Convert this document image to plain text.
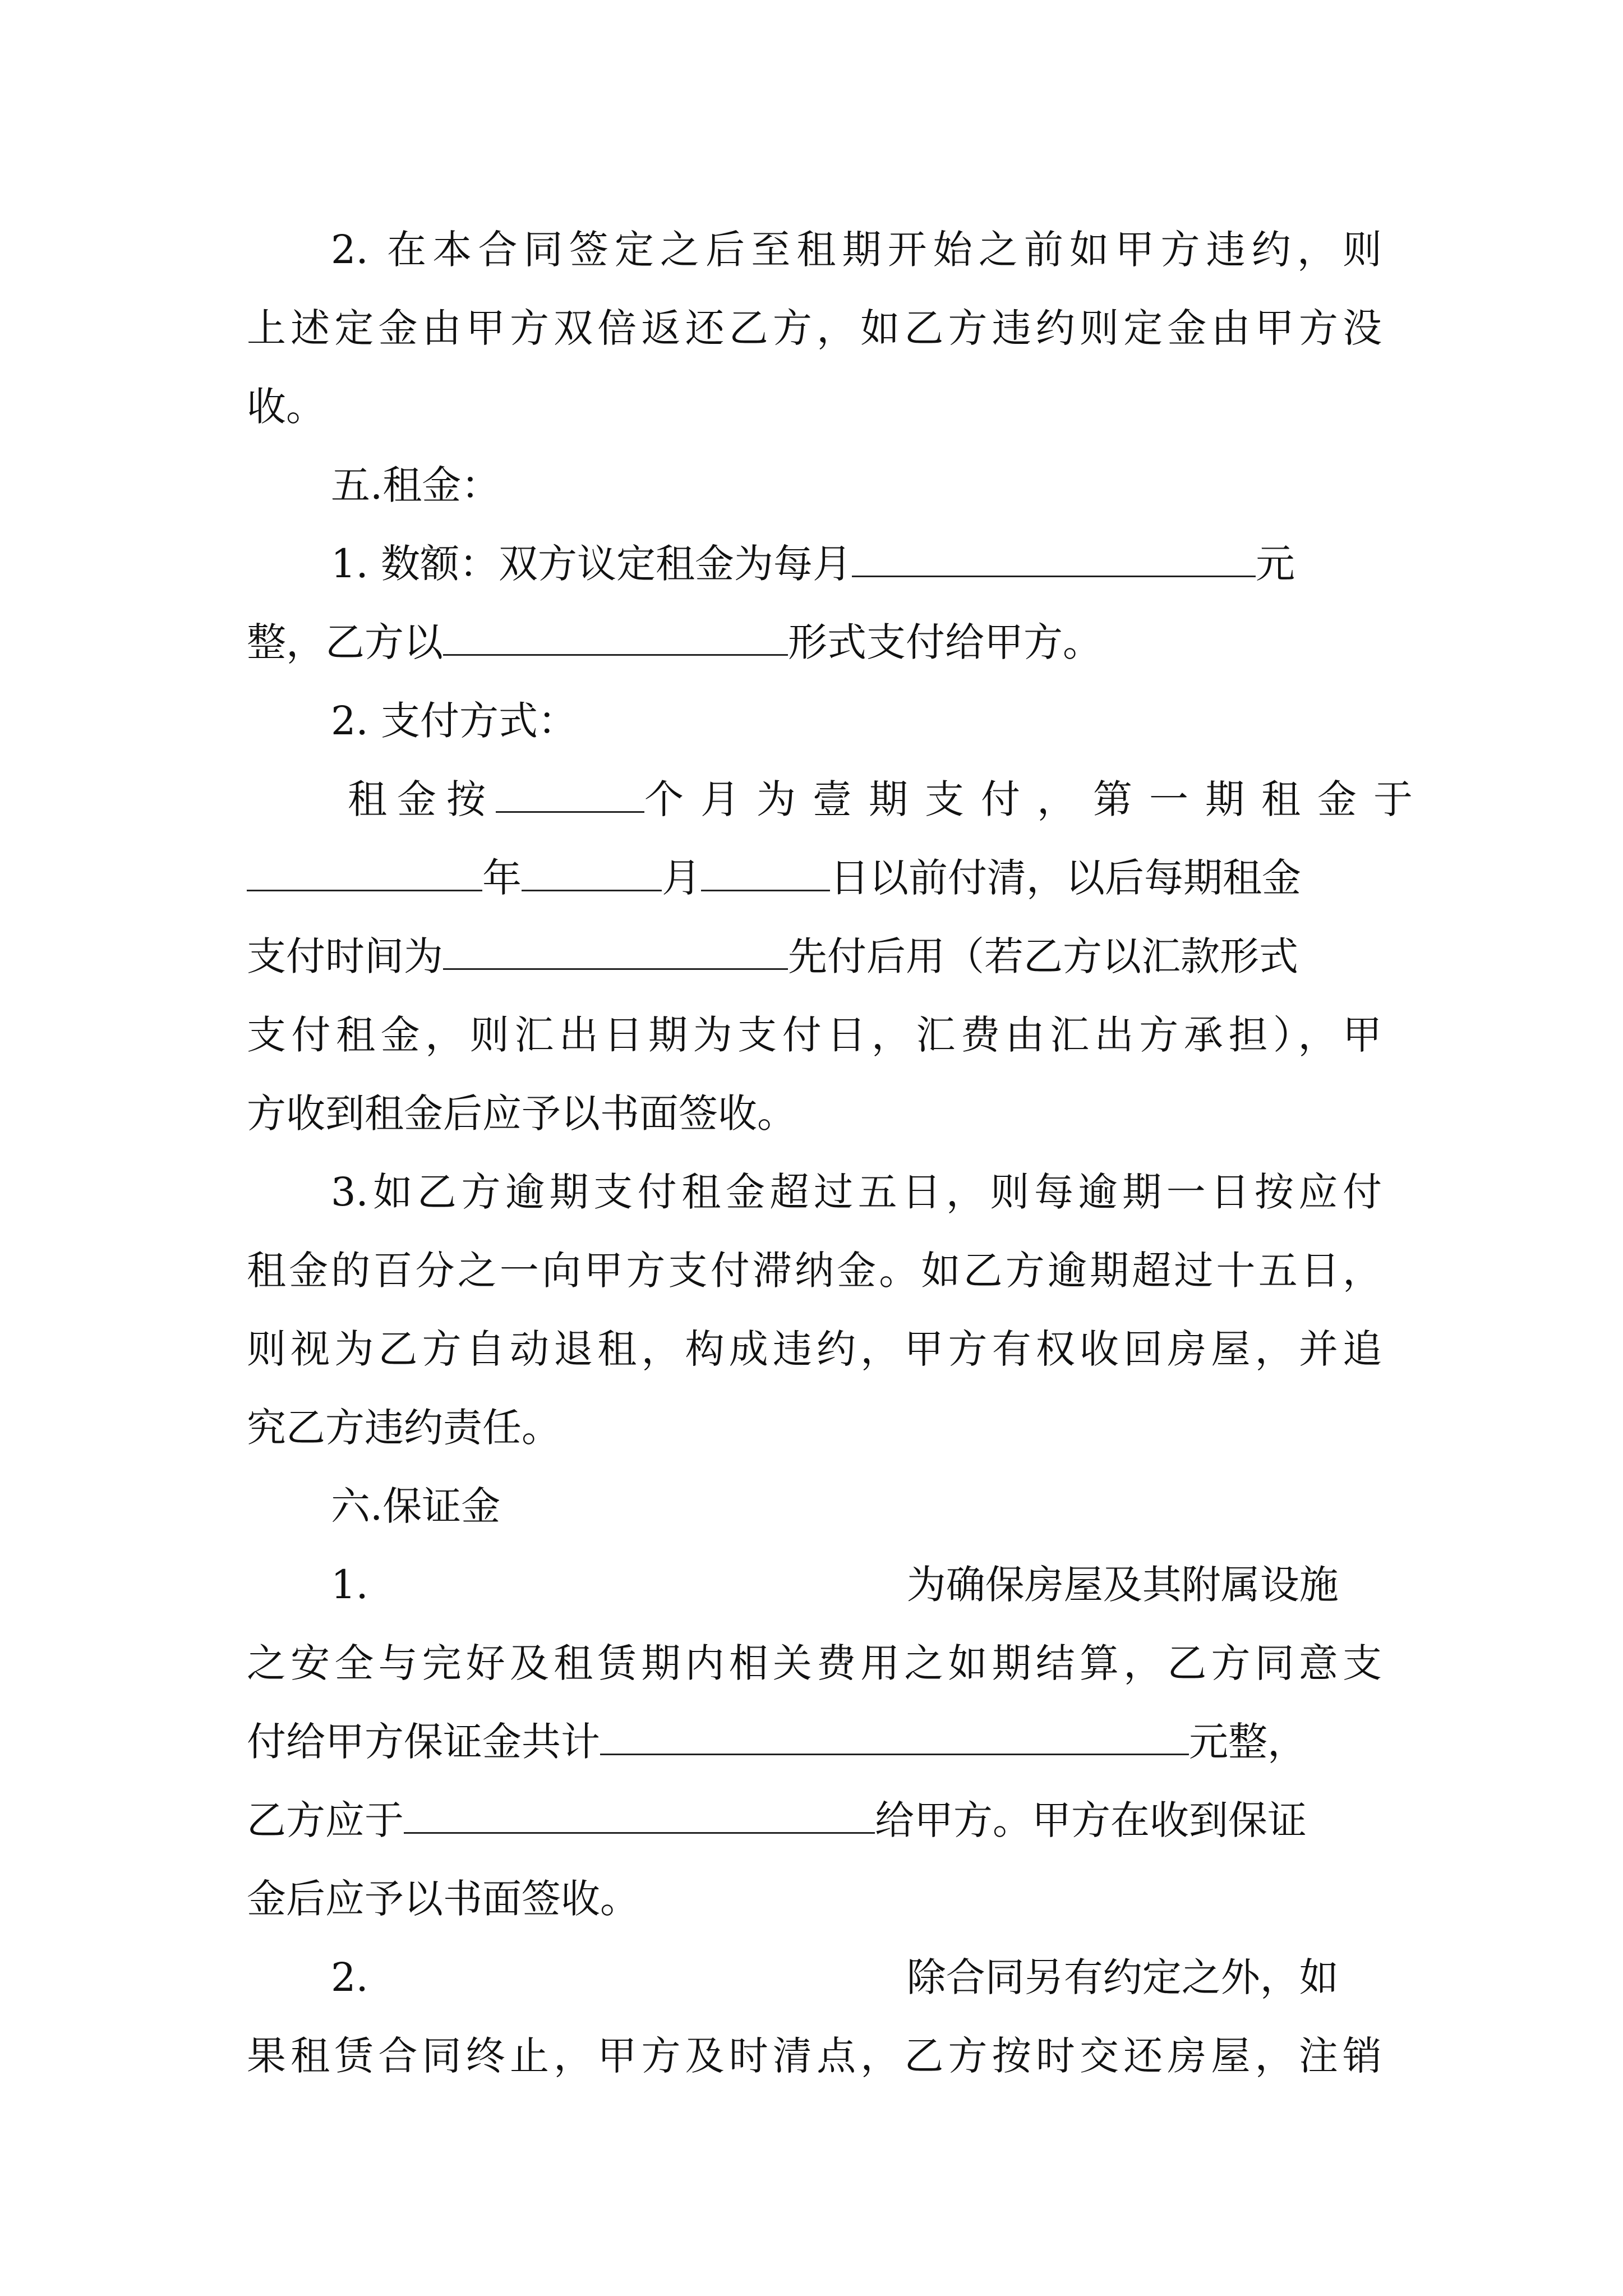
2. 在本合同签定之后至租期开始之前如甲方违约，则
上述定金由甲方双倍返还乙方，如乙方违约则定金由甲方没
收。
五.租金：
1. 数额：双方议定租金为每月	元
整，乙方以	形式支付给甲方。
2. 支付方式：
租金按	个月为壹期支付，第一期租金于
年	月	日以前付清，以后每期租金
支付时间为	先付后用（若乙方以汇款形式
支付租金，则汇出日期为支付日，汇费由汇出方承担），甲
方收到租金后应予以书面签收。
3.如乙方逾期支付租金超过五日，则每逾期一日按应付
租金的百分之一向甲方支付滞纳金。如乙方逾期超过十五日，
则视为乙方自动退租，构成违约，甲方有权收回房屋，并追
究乙方违约责任。
六.保证金
1.	为确保房屋及其附属设施
之安全与完好及租赁期内相关费用之如期结算，乙方同意支
付给甲方保证金共计	元整，
乙方应于	给甲方。甲方在收到保证
金后应予以书面签收。
2.	除合同另有约定之外，如
果租赁合同终止，甲方及时清点，乙方按时交还房屋，注销
